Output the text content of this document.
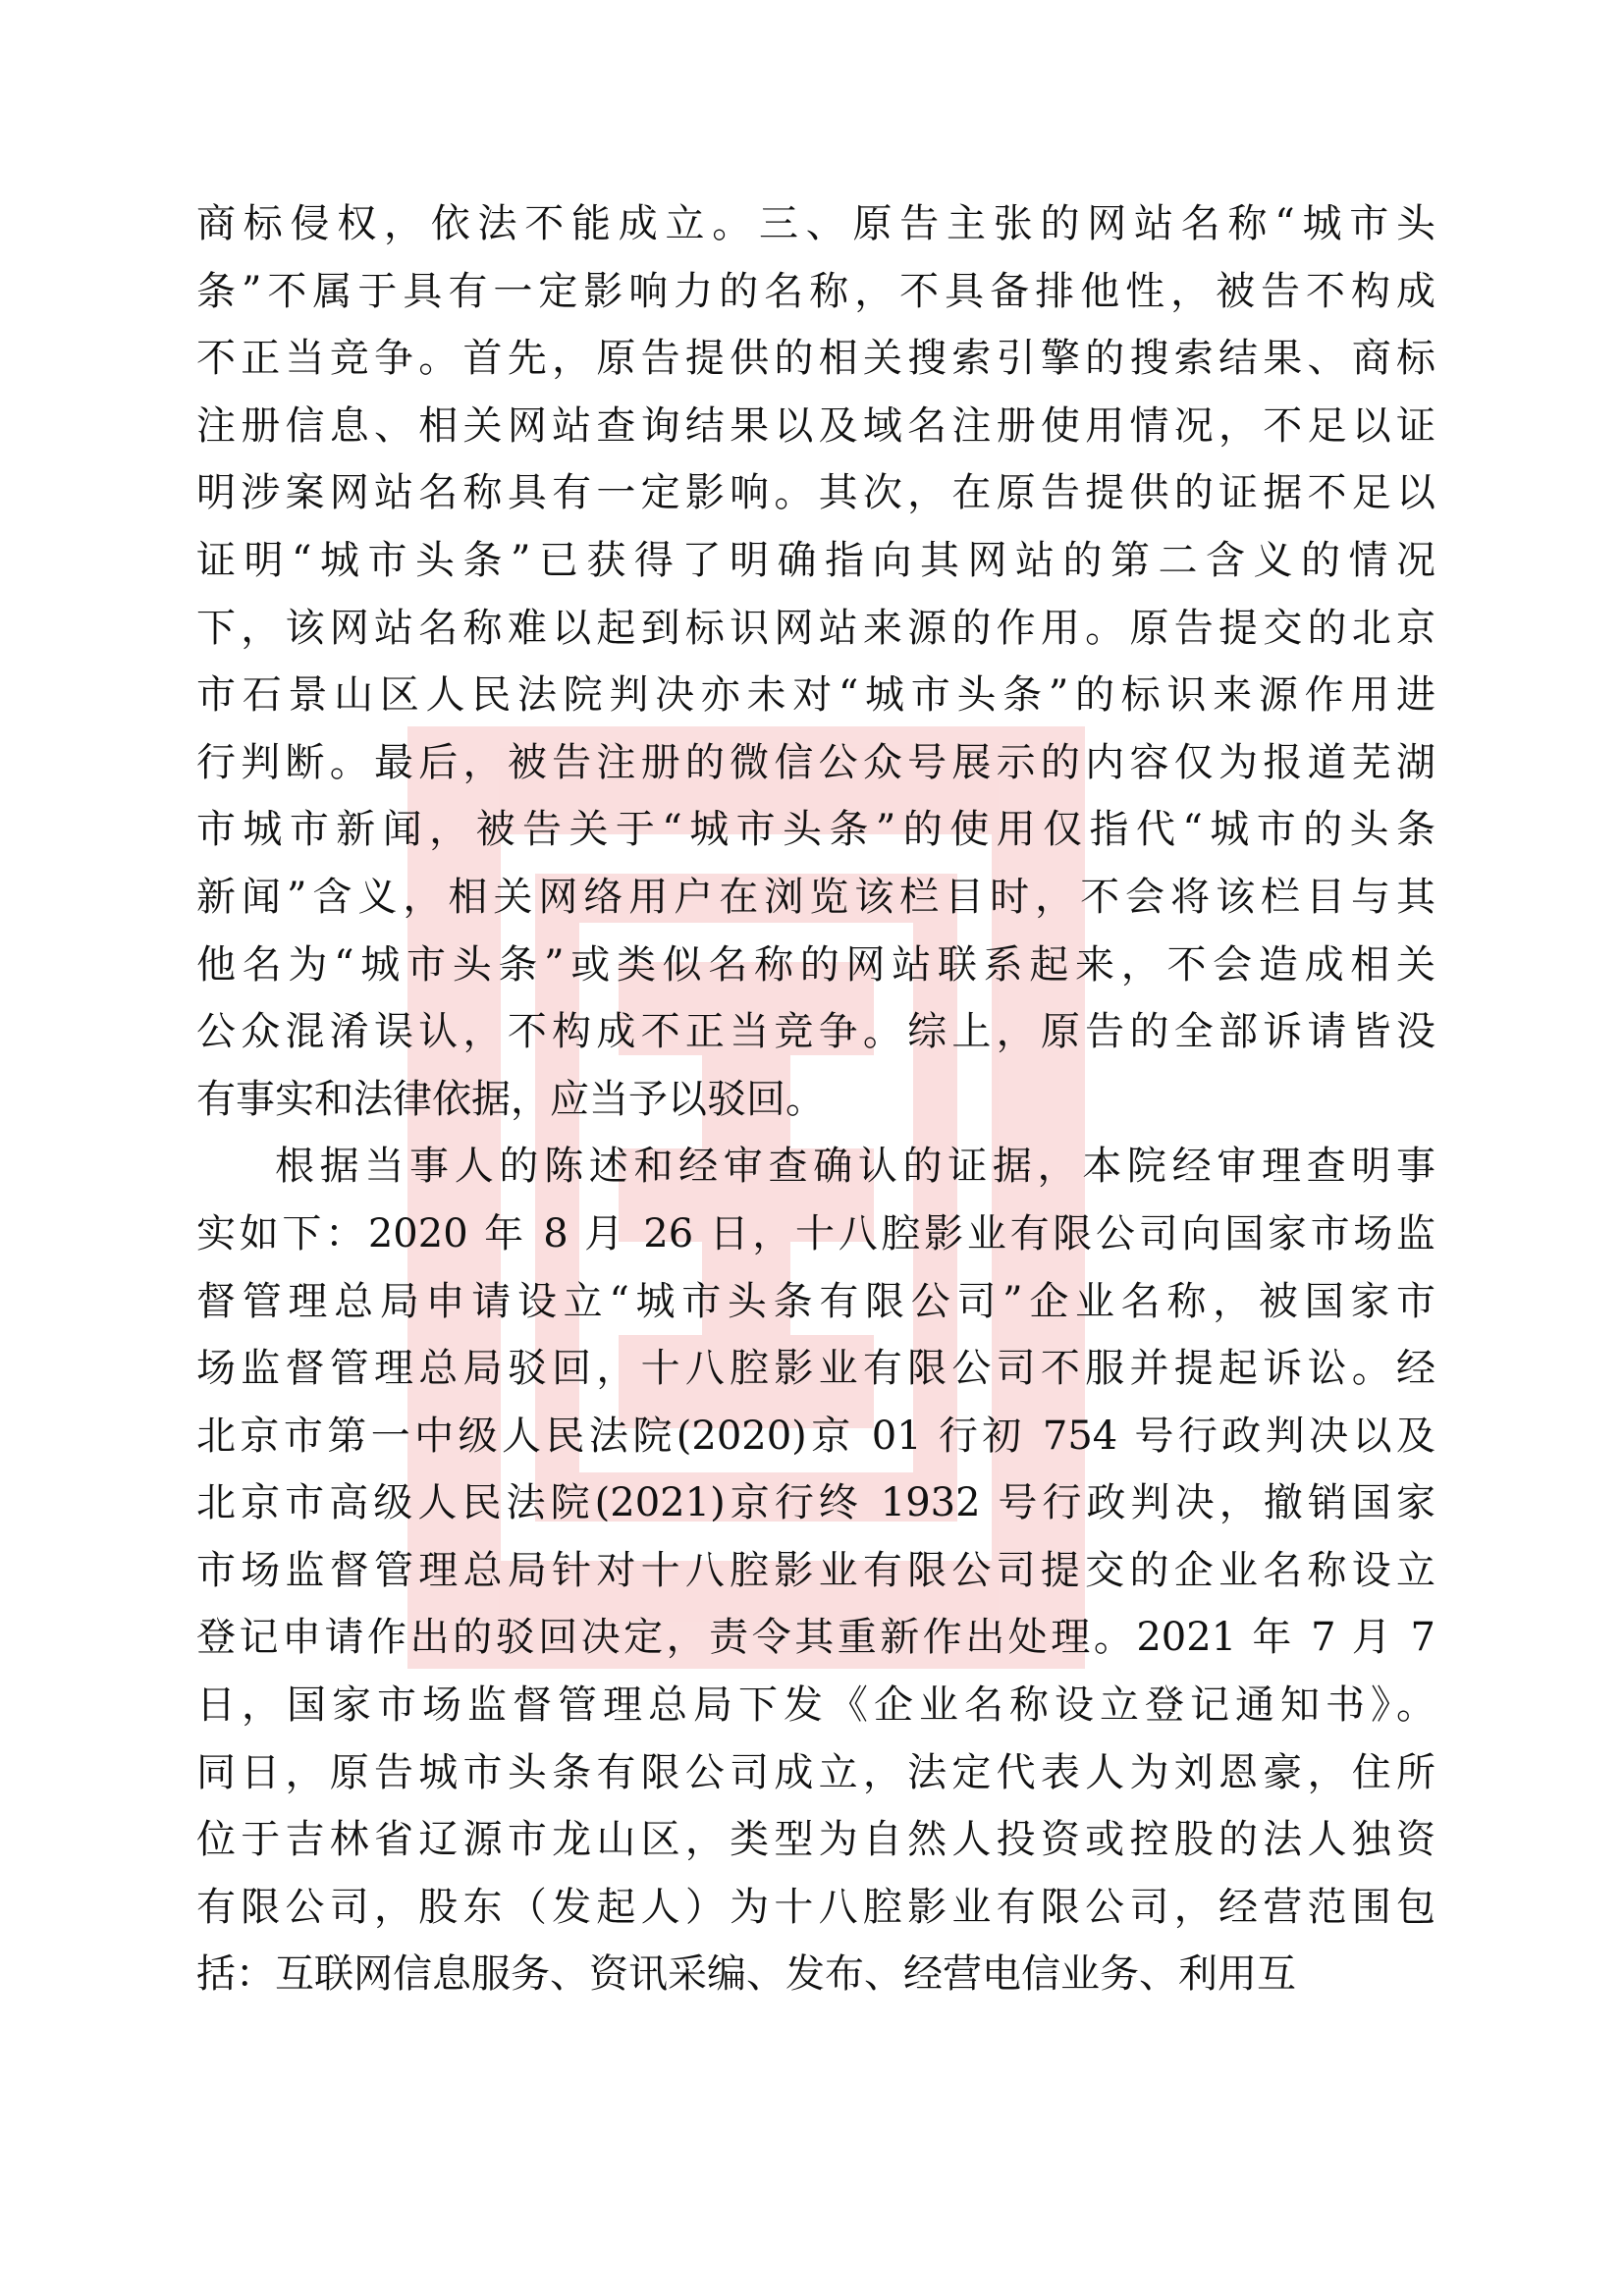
商标侵权，依法不能成立。三、原告主张的网站名称“城市头
条”不属于具有一定影响力的名称，不具备排他性，被告不构成
不正当竞争。首先，原告提供的相关搜索引擎的搜索结果、商标
注册信息、相关网站查询结果以及域名注册使用情况，不足以证
明涉案网站名称具有一定影响。其次，在原告提供的证据不足以
证明“城市头条”已获得了明确指向其网站的第二含义的情况
下，该网站名称难以起到标识网站来源的作用。原告提交的北京
市石景山区人民法院判决亦未对“城市头条”的标识来源作用进
行判断。最后，被告注册的微信公众号展示的内容仅为报道芜湖
市城市新闻，被告关于“城市头条”的使用仅指代“城市的头条
新闻”含义，相关网络用户在浏览该栏目时，不会将该栏目与其
他名为“城市头条”或类似名称的网站联系起来，不会造成相关
公众混淆误认，不构成不正当竞争。综上，原告的全部诉请皆没
有事实和法律依据，应当予以驳回。
根据当事人的陈述和经审查确认的证据，本院经审理查明事
实如下：2020 年 8 月 26 日，十八腔影业有限公司向国家市场监
督管理总局申请设立“城市头条有限公司”企业名称，被国家市
场监督管理总局驳回，十八腔影业有限公司不服并提起诉讼。经
北京市第一中级人民法院(2020)京 01 行初 754 号行政判决以及
北京市高级人民法院(2021)京行终 1932 号行政判决，撤销国家
市场监督管理总局针对十八腔影业有限公司提交的企业名称设立
登记申请作出的驳回决定，责令其重新作出处理。2021 年 7 月 7
日，国家市场监督管理总局下发《企业名称设立登记通知书》。
同日，原告城市头条有限公司成立，法定代表人为刘恩豪，住所
位于吉林省辽源市龙山区，类型为自然人投资或控股的法人独资
有限公司，股东（发起人）为十八腔影业有限公司，经营范围包
括：互联网信息服务、资讯采编、发布、经营电信业务、利用互
